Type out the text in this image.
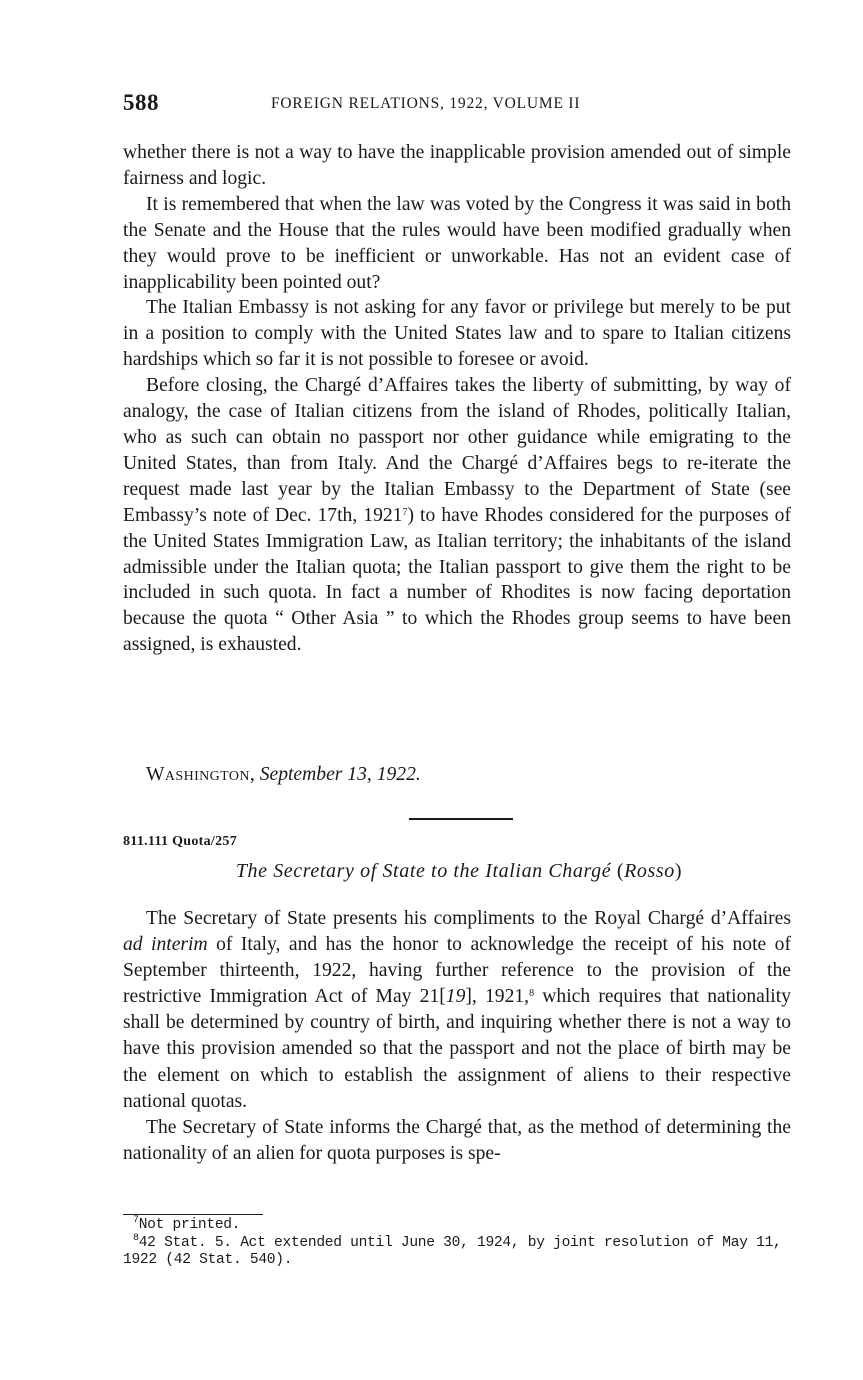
588	FOREIGN RELATIONS, 1922, VOLUME II

whether there is not a way to have the inapplicable provision amended out of simple fairness and logic.

It is remembered that when the law was voted by the Congress it was said in both the Senate and the House that the rules would have been modified gradually when they would prove to be inefficient or unworkable. Has not an evident case of inapplicability been pointed out?

The Italian Embassy is not asking for any favor or privilege but merely to be put in a position to comply with the United States law and to spare to Italian citizens hardships which so far it is not possible to foresee or avoid.

Before closing, the Chargé d’Affaires takes the liberty of submitting, by way of analogy, the case of Italian citizens from the island of Rhodes, politically Italian, who as such can obtain no passport nor other guidance while emigrating to the United States, than from Italy. And the Chargé d’Affaires begs to re-iterate the request made last year by the Italian Embassy to the Department of State (see Embassy’s note of Dec. 17th, 1921$^7$) to have Rhodes considered for the purposes of the United States Immigration Law, as Italian territory; the inhabitants of the island admissible under the Italian quota; the Italian passport to give them the right to be included in such quota. In fact a number of Rhodites is now facing deportation because the quota “ Other Asia ” to which the Rhodes group seems to have been assigned, is exhausted.

Washington, September 13, 1922.
811.111 Quota/257
The Secretary of State to the Italian Chargé (Rosso)

The Secretary of State presents his compliments to the Royal Chargé d’Affaires ad interim of Italy, and has the honor to acknowledge the receipt of his note of September thirteenth, 1922, having further reference to the provision of the restrictive Immigration Act of May 21[19], 1921,$^8$ which requires that nationality shall be determined by country of birth, and inquiring whether there is not a way to have this provision amended so that the passport and not the place of birth may be the element on which to establish the assignment of aliens to their respective national quotas.

The Secretary of State informs the Chargé that, as the method of determining the nationality of an alien for quota purposes is spe-

$^7$Not printed.

$^8$42 Stat. 5. Act extended until June 30, 1924, by joint resolution of May 11, 1922 (42 Stat. 540).
